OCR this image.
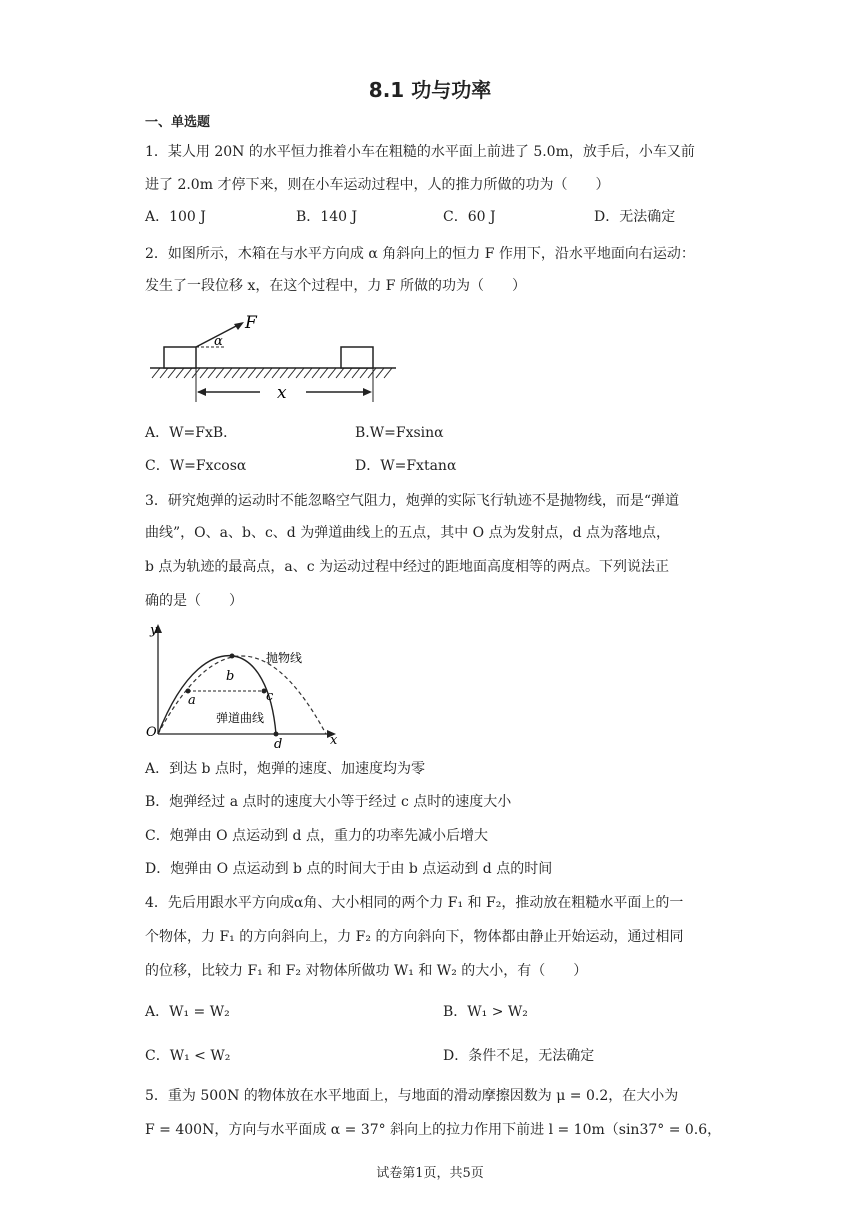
8.1 功与功率
一、单选题
1．某人用 20N 的水平恒力推着小车在粗糙的水平面上前进了 5.0m，放手后，小车又前
进了 2.0m 才停下来，则在小车运动过程中，人的推力所做的功为（　　）
A．100 J	B．140 J	C．60 J	D．无法确定
2．如图所示，木箱在与水平方向成 α 角斜向上的恒力 F 作用下，沿水平地面向右运动：
发生了一段位移 x，在这个过程中，力 F 所做的功为（　　）
F
α
x
A．W=FxB．	B.W=Fxsinα
C．W=Fxcosα	D．W=Fxtanα
3．研究炮弹的运动时不能忽略空气阻力，炮弹的实际飞行轨迹不是抛物线，而是“弹道
曲线”，O、a、b、c、d 为弹道曲线上的五点，其中 O 点为发射点，d 点为落地点，
b 点为轨迹的最高点，a、c 为运动过程中经过的距地面高度相等的两点。下列说法正
确的是（　　）
y
x
O
抛物线
a
b
c
d
弹道曲线
A．到达 b 点时，炮弹的速度、加速度均为零
B．炮弹经过 a 点时的速度大小等于经过 c 点时的速度大小
C．炮弹由 O 点运动到 d 点，重力的功率先减小后增大
D．炮弹由 O 点运动到 b 点的时间大于由 b 点运动到 d 点的时间
4．先后用跟水平方向成α角、大小相同的两个力 F₁ 和 F₂，推动放在粗糙水平面上的一
个物体，力 F₁ 的方向斜向上，力 F₂ 的方向斜向下，物体都由静止开始运动，通过相同
的位移，比较力 F₁ 和 F₂ 对物体所做功 W₁ 和 W₂ 的大小，有（　　）
A．W₁ = W₂	B．W₁ > W₂
C．W₁ < W₂	D．条件不足，无法确定
5．重为 500N 的物体放在水平地面上，与地面的滑动摩擦因数为 μ = 0.2，在大小为
F = 400N，方向与水平面成 α = 37° 斜向上的拉力作用下前进 l = 10m（sin37° = 0.6，
试卷第1页，共5页
